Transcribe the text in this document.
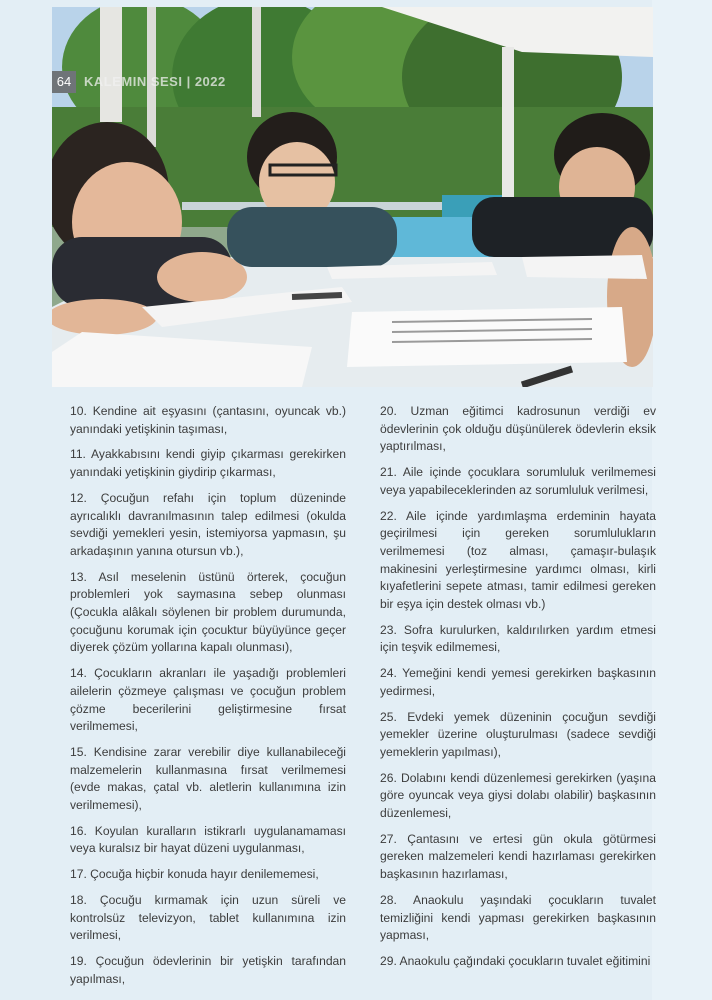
64 KALEMIN SESI | 2022

10. Kendine ait eşyasını (çantasını, oyuncak vb.) yanındaki yetişkinin taşıması,

11. Ayakkabısını kendi giyip çıkarması gerekirken yanındaki yetişkinin giydirip çıkarması,

12. Çocuğun refahı için toplum düzeninde ayrıcalıklı davranılmasının talep edilmesi (okulda sevdiği yemekleri yesin, istemiyorsa yapmasın, şu arkadaşının yanına otursun vb.),

13. Asıl meselenin üstünü örterek, çocuğun problemleri yok saymasına sebep olunması (Çocukla alâkalı söylenen bir problem durumunda, çocuğunu korumak için çocuktur büyüyünce geçer diyerek çözüm yollarına kapalı olunması),

14. Çocukların akranları ile yaşadığı problemleri ailelerin çözmeye çalışması ve çocuğun problem çözme becerilerini geliştirmesine fırsat verilmemesi,

15. Kendisine zarar verebilir diye kullanabileceği malzemelerin kullanmasına fırsat verilmemesi (evde makas, çatal vb. aletlerin kullanımına izin verilmemesi),

16. Koyulan kuralların istikrarlı uygulanamaması veya kuralsız bir hayat düzeni uygulanması,

17. Çocuğa hiçbir konuda hayır denilememesi,

18. Çocuğu kırmamak için uzun süreli ve kontrolsüz televizyon, tablet kullanımına izin verilmesi,

19. Çocuğun ödevlerinin bir yetişkin tarafından yapılması,

20. Uzman eğitimci kadrosunun verdiği ev ödevlerinin çok olduğu düşünülerek ödevlerin eksik yaptırılması,

21. Aile içinde çocuklara sorumluluk verilmemesi veya yapabileceklerinden az sorumluluk verilmesi,

22. Aile içinde yardımlaşma erdeminin hayata geçirilmesi için gereken sorumlulukların verilmemesi (toz alması, çamaşır-bulaşık makinesini yerleştirmesine yardımcı olması, kirli kıyafetlerini sepete atması, tamir edilmesi gereken bir eşya için destek olması vb.)

23. Sofra kurulurken, kaldırılırken yardım etmesi için teşvik edilmemesi,

24. Yemeğini kendi yemesi gerekirken başkasının yedirmesi,

25. Evdeki yemek düzeninin çocuğun sevdiği yemekler üzerine oluşturulması (sadece sevdiği yemeklerin yapılması),

26. Dolabını kendi düzenlemesi gerekirken (yaşına göre oyuncak veya giysi dolabı olabilir) başkasının düzenlemesi,

27. Çantasını ve ertesi gün okula götürmesi gereken malzemeleri kendi hazırlaması gerekirken başkasının hazırlaması,

28. Anaokulu yaşındaki çocukların tuvalet temizliğini kendi yapması gerekirken başkasının yapması,

29. Anaokulu çağındaki çocukların tuvalet eğitimini
